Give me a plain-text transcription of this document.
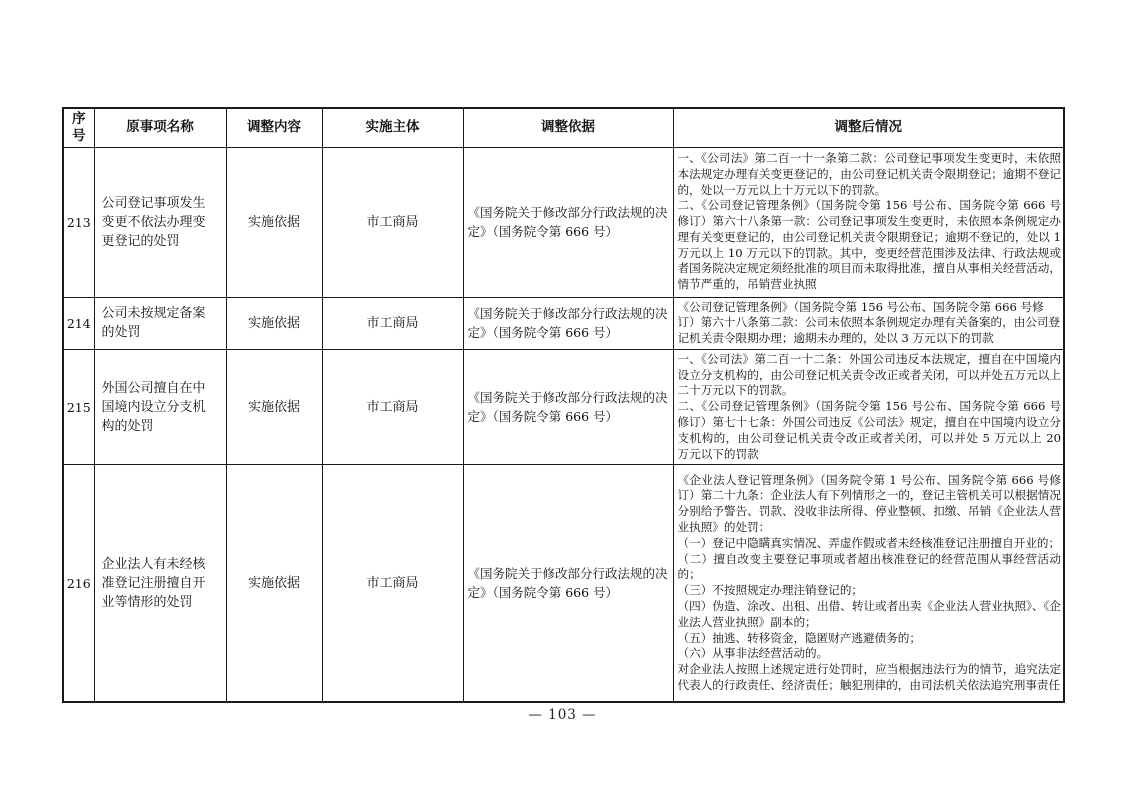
序号	原事项名称	调整内容	实施主体	调整依据	调整后情况
213	公司登记事项发生变更不依法办理变更登记的处罚	实施依据	市工商局	《国务院关于修改部分行政法规的决定》（国务院令第 666 号）	一、《公司法》第二百一十一条第二款：公司登记事项发生变更时，未依照本法规定办理有关变更登记的，由公司登记机关责令限期登记；逾期不登记的，处以一万元以上十万元以下的罚款。
二、《公司登记管理条例》（国务院令第 156 号公布、国务院令第 666 号修订）第六十八条第一款：公司登记事项发生变更时，未依照本条例规定办理有关变更登记的，由公司登记机关责令限期登记；逾期不登记的，处以 1 万元以上 10 万元以下的罚款。其中，变更经营范围涉及法律、行政法规或者国务院决定规定须经批准的项目而未取得批准，擅自从事相关经营活动，情节严重的，吊销营业执照

214	公司未按规定备案的处罚	实施依据	市工商局	《国务院关于修改部分行政法规的决定》（国务院令第 666 号）	《公司登记管理条例》（国务院令第 156 号公布、国务院令第 666 号修订）第六十八条第二款：公司未依照本条例规定办理有关备案的，由公司登记机关责令限期办理；逾期未办理的，处以 3 万元以下的罚款
215	外国公司擅自在中国境内设立分支机构的处罚	实施依据	市工商局	《国务院关于修改部分行政法规的决定》（国务院令第 666 号）	一、《公司法》第二百一十二条：外国公司违反本法规定，擅自在中国境内设立分支机构的，由公司登记机关责令改正或者关闭，可以并处五万元以上二十万元以下的罚款。
二、《公司登记管理条例》（国务院令第 156 号公布、国务院令第 666 号修订）第七十七条：外国公司违反《公司法》规定，擅自在中国境内设立分支机构的，由公司登记机关责令改正或者关闭，可以并处 5 万元以上 20 万元以下的罚款

216	企业法人有未经核准登记注册擅自开业等情形的处罚	实施依据	市工商局	《国务院关于修改部分行政法规的决定》（国务院令第 666 号）	
《企业法人登记管理条例》（国务院令第 1 号公布、国务院令第 666 号修订）第二十九条：企业法人有下列情形之一的，登记主管机关可以根据情况分别给予警告、罚款、没收非法所得、停业整顿、扣缴、吊销《企业法人营业执照》的处罚：
（一）登记中隐瞒真实情况、弄虚作假或者未经核准登记注册擅自开业的；
（二）擅自改变主要登记事项或者超出核准登记的经营范围从事经营活动的；
（三）不按照规定办理注销登记的；
（四）伪造、涂改、出租、出借、转让或者出卖《企业法人营业执照》、《企业法人营业执照》副本的；
（五）抽逃、转移资金，隐匿财产逃避债务的；
（六）从事非法经营活动的。
对企业法人按照上述规定进行处罚时，应当根据违法行为的情节，追究法定代表人的行政责任、经济责任；触犯刑律的，由司法机关依法追究刑事责任
— 103 —
